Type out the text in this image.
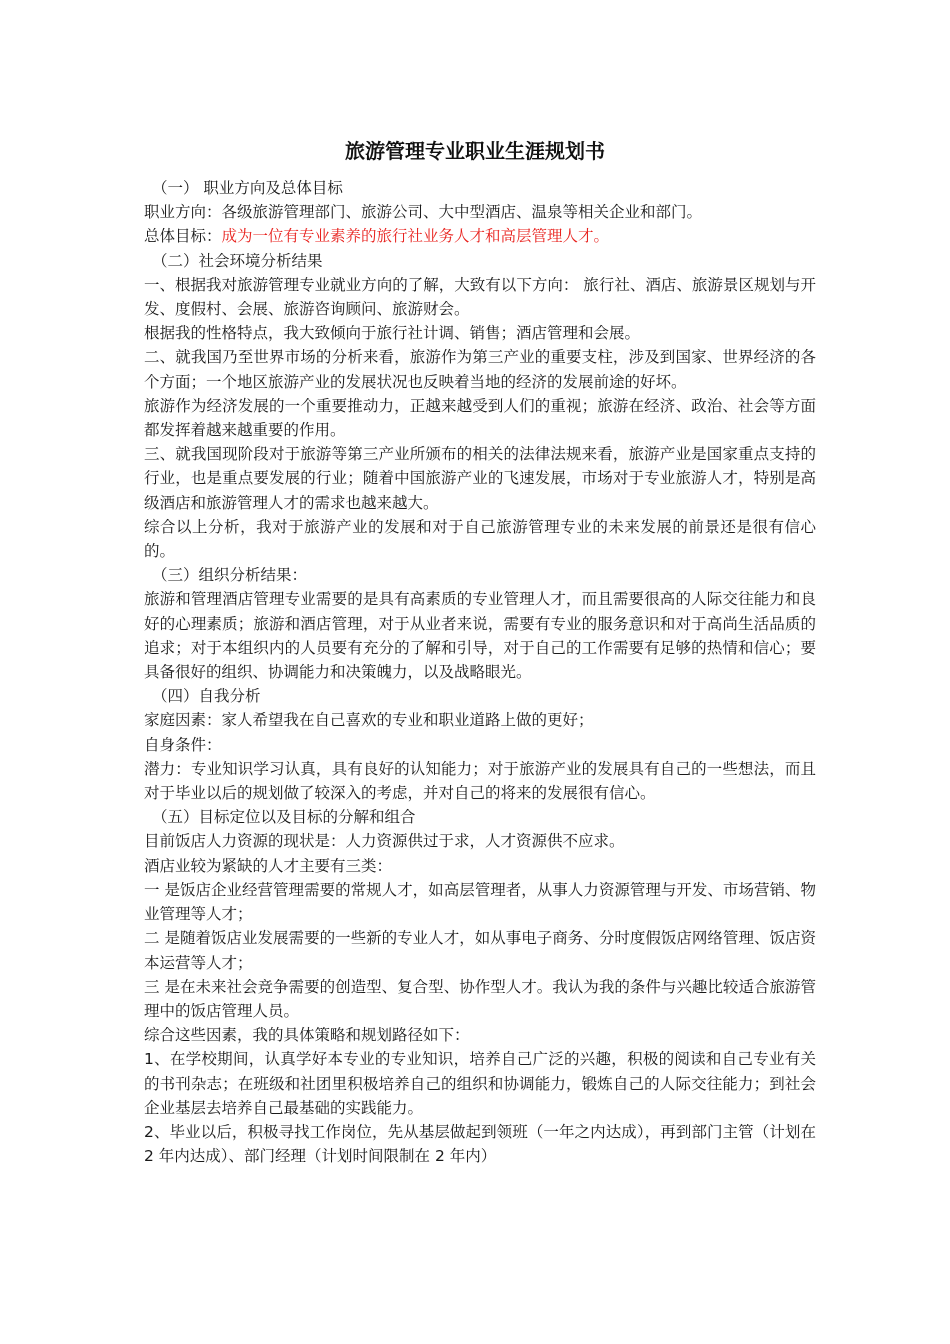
旅游管理专业职业生涯规划书

（一） 职业方向及总体目标

职业方向：各级旅游管理部门、旅游公司、大中型酒店、温泉等相关企业和部门。

总体目标：成为一位有专业素养的旅行社业务人才和高层管理人才。

（二）社会环境分析结果

一、根据我对旅游管理专业就业方向的了解，大致有以下方向： 旅行社、酒店、旅游景区规划与开发、度假村、会展、旅游咨询顾问、旅游财会。

根据我的性格特点，我大致倾向于旅行社计调、销售；酒店管理和会展。

二、就我国乃至世界市场的分析来看，旅游作为第三产业的重要支柱，涉及到国家、世界经济的各个方面；一个地区旅游产业的发展状况也反映着当地的经济的发展前途的好坏。

旅游作为经济发展的一个重要推动力，正越来越受到人们的重视；旅游在经济、政治、社会等方面都发挥着越来越重要的作用。

三、就我国现阶段对于旅游等第三产业所颁布的相关的法律法规来看，旅游产业是国家重点支持的行业，也是重点要发展的行业；随着中国旅游产业的飞速发展，市场对于专业旅游人才，特别是高级酒店和旅游管理人才的需求也越来越大。

综合以上分析，我对于旅游产业的发展和对于自己旅游管理专业的未来发展的前景还是很有信心的。

（三）组织分析结果：

旅游和管理酒店管理专业需要的是具有高素质的专业管理人才，而且需要很高的人际交往能力和良好的心理素质；旅游和酒店管理，对于从业者来说，需要有专业的服务意识和对于高尚生活品质的追求；对于本组织内的人员要有充分的了解和引导，对于自己的工作需要有足够的热情和信心；要具备很好的组织、协调能力和决策魄力，以及战略眼光。

（四）自我分析

家庭因素：家人希望我在自己喜欢的专业和职业道路上做的更好；

自身条件：

潜力：专业知识学习认真，具有良好的认知能力；对于旅游产业的发展具有自己的一些想法，而且对于毕业以后的规划做了较深入的考虑，并对自己的将来的发展很有信心。

（五）目标定位以及目标的分解和组合

目前饭店人力资源的现状是：人力资源供过于求，人才资源供不应求。

酒店业较为紧缺的人才主要有三类：

一 是饭店企业经营管理需要的常规人才，如高层管理者，从事人力资源管理与开发、市场营销、物业管理等人才；

二 是随着饭店业发展需要的一些新的专业人才，如从事电子商务、分时度假饭店网络管理、饭店资本运营等人才；

三 是在未来社会竞争需要的创造型、复合型、协作型人才。我认为我的条件与兴趣比较适合旅游管理中的饭店管理人员。

综合这些因素，我的具体策略和规划路径如下：

1、在学校期间，认真学好本专业的专业知识，培养自己广泛的兴趣，积极的阅读和自己专业有关的书刊杂志；在班级和社团里积极培养自己的组织和协调能力，锻炼自己的人际交往能力；到社会企业基层去培养自己最基础的实践能力。

2、毕业以后，积极寻找工作岗位，先从基层做起到领班（一年之内达成），再到部门主管（计划在 2 年内达成）、部门经理（计划时间限制在 2 年内）
